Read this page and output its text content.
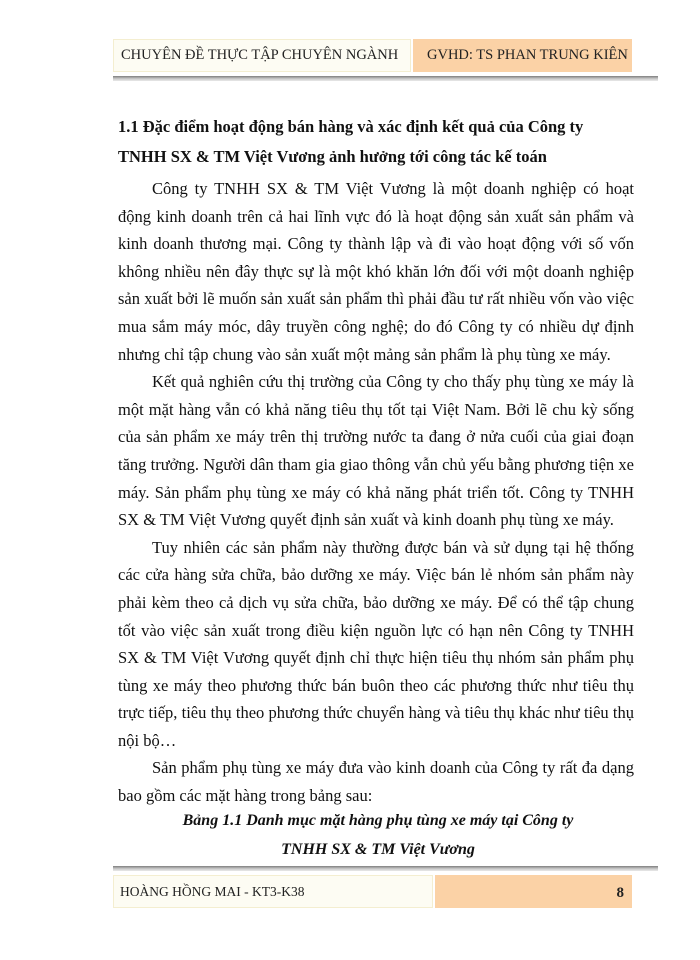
CHUYÊN ĐỀ THỰC TẬP CHUYÊN NGÀNH	GVHD: TS PHAN TRUNG KIÊN
1.1 Đặc điểm hoạt động bán hàng và xác định kết quả của Công ty
TNHH SX & TM Việt Vương ảnh hưởng tới công tác kế toán

Công ty TNHH SX & TM Việt Vương là một doanh nghiệp có hoạt động kinh doanh trên cả hai lĩnh vực đó là hoạt động sản xuất sản phẩm và kinh doanh thương mại. Công ty thành lập và đi vào hoạt động với số vốn không nhiều nên đây thực sự là một khó khăn lớn đối với một doanh nghiệp sản xuất bởi lẽ muốn sản xuất sản phẩm thì phải đầu tư rất nhiều vốn vào việc mua sắm máy móc, dây truyền công nghệ; do đó Công ty có nhiều dự định nhưng chỉ tập chung vào sản xuất một mảng sản phẩm là phụ tùng xe máy.

Kết quả nghiên cứu thị trường của Công ty cho thấy phụ tùng xe máy là một mặt hàng vẫn có khả năng tiêu thụ tốt tại Việt Nam. Bởi lẽ chu kỳ sống của sản phẩm xe máy trên thị trường nước ta đang ở nửa cuối của giai đoạn tăng trưởng. Người dân tham gia giao thông vẫn chủ yếu bằng phương tiện xe máy. Sản phẩm phụ tùng xe máy có khả năng phát triển tốt. Công ty TNHH SX & TM Việt Vương quyết định sản xuất và kinh doanh phụ tùng xe máy.

Tuy nhiên các sản phẩm này thường được bán và sử dụng tại hệ thống các cửa hàng sửa chữa, bảo dưỡng xe máy. Việc bán lẻ nhóm sản phẩm này phải kèm theo cả dịch vụ sửa chữa, bảo dưỡng xe máy. Để có thể tập chung tốt vào việc sản xuất trong điều kiện nguồn lực có hạn nên Công ty TNHH SX & TM Việt Vương quyết định chỉ thực hiện tiêu thụ nhóm sản phẩm phụ tùng xe máy theo phương thức bán buôn theo các phương thức như tiêu thụ trực tiếp, tiêu thụ theo phương thức chuyển hàng và tiêu thụ khác như tiêu thụ nội bộ…

Sản phẩm phụ tùng xe máy đưa vào kinh doanh của Công ty rất đa dạng bao gồm các mặt hàng trong bảng sau:

Bảng 1.1 Danh mục mặt hàng phụ tùng xe máy tại Công ty
TNHH SX & TM Việt Vương
HOÀNG HỒNG MAI - KT3-K38	8
